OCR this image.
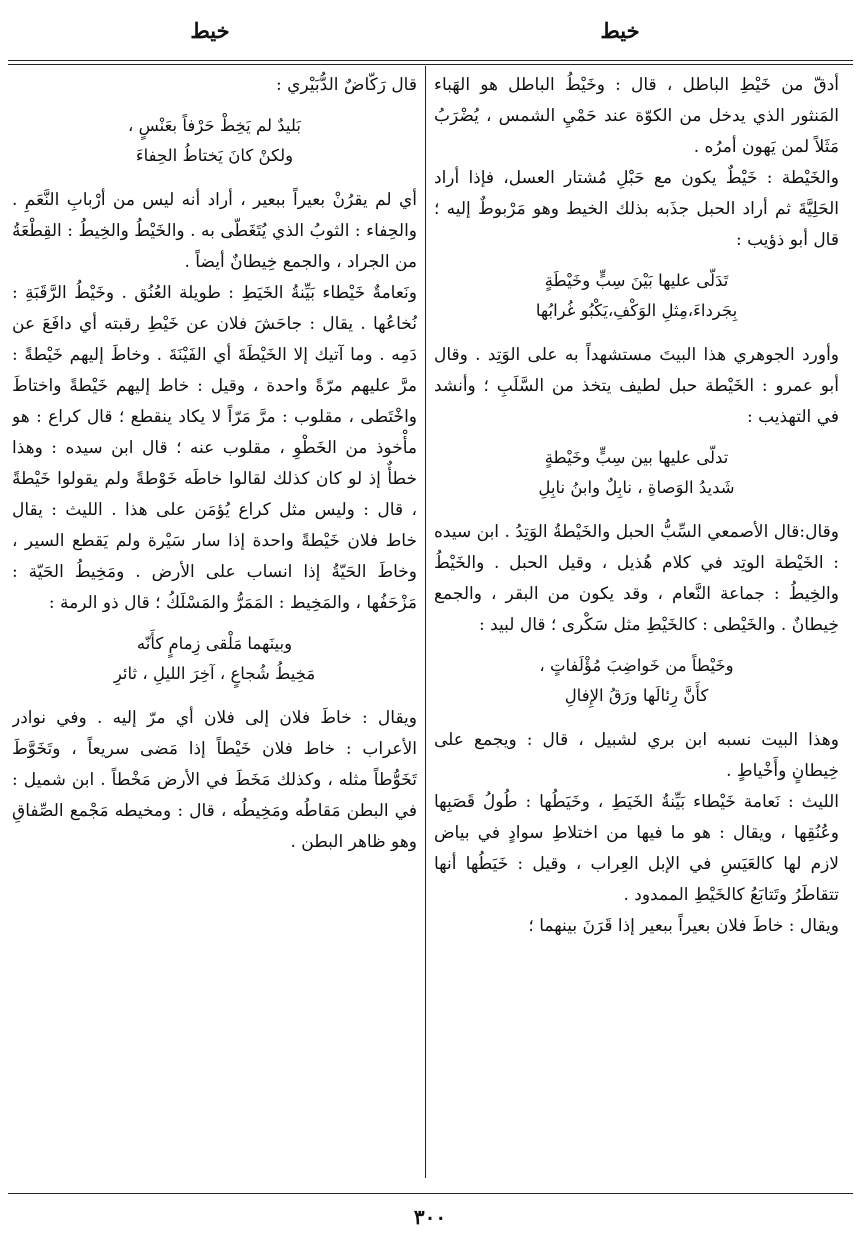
خيط
خيط

أدقّ من خَيْطِ الباطل ، قال : وخَيْطُ الباطل هو الهَباء المَنثور الذي يدخل من الكوّة عند حَمْيِ الشمس ، يُضْرَبُ مَثَلاً لمن يَهون أمرُه .

والخَيْطة : خَيْطٌ يكون مع حَبْلِ مُشتار العسل، فإذا أراد الحَلِيَّةَ ثم أراد الحبل جذَبه بذلك الخيط وهو مَرْبوطٌ إليه ؛ قال أبو ذؤيب :

تَدَلّى عليها بَيْنَ سِبٍّ وخَيْطَةٍ
بِجَرداءَ،مِثلِ الوَكْفِ،يَكْبُو غُرابُها

وأورد الجوهري هذا البيتَ مستشهداً به على الوَتِد . وقال أبو عمرو : الخَيْطة حبل لطيف يتخذ من السَّلَبِ ؛ وأنشد في التهذيب :

تدلّى عليها بين سِبٍّ وخَيْطةٍ
شَديدُ الوَصاةِ ، نابِلٌ وابنُ نابِلِ

وقال:قال الأصمعي السِّبُّ الحبل والخَيْطةُ الوَتِدُ . ابن سيده : الخَيْطة الوتِد في كلام هُذيل ، وقيل الحبل . والخَيْطُ والخِيطُ : جماعة النَّعام ، وقد يكون من البقر ، والجمع خِيطانٌ . والخَيْطى : كالخَيْطِ مثل سَكْرى ؛ قال لبيد :

وخَيْطاً من خَواضِبَ مُؤْلَفاتٍ ،
كأَنَّ رِئالَها ورَقُ الإِفالِ

وهذا البيت نسبه ابن بري لشبيل ، قال : ويجمع على خِيطانٍ وأَخْياطٍ .

الليث : نَعامة خَيْطاء بَيِّنةُ الخَيَطِ ، وخَيَطُها : طُولُ قَصَبِها وعُنُقِها ، ويقال : هو ما فيها من اختلاطِ سوادٍ في بياض لازم لها كالعَيَسِ في الإبل العِراب ، وقيل : خَيَطُها أنها تتقاطَرُ وتَتابَعُ كالخَيْطِ الممدود .

ويقال : خاطَ فلان بعيراً ببعير إذا قَرَنَ بينهما ؛

قال رَكّاضٌ الدُّبَيْري :

بَليدٌ لم يَخِطْ حَرْفاً بعَنْسٍ ،
ولكنْ كانَ يَختاطُ الحِفاءَ

أي لم يقرُنْ بعيراً ببعير ، أراد أنه ليس من أرْبابِ النَّعَمِ . والحِفاء : الثوبُ الذي يُتَغَطّى به . والخَيْطُ والخِيطُ : القِطْعَةُ من الجراد ، والجمع خِيطانٌ أيضاً .

ونَعامةٌ خَيْطاء بَيِّنةُ الخَيَطِ : طويلة العُنُق . وخَيْطُ الرَّقَبَةِ : نُخاعُها . يقال : جاحَشَ فلان عن خَيْطِ رقبته أي دافَعَ عن دَمِه . وما آتيك إلا الخَيْطَةَ أي الفَيْنَةَ . وخاطَ إليهم خَيْطةً : مرَّ عليهم مرّةً واحدة ، وقيل : خاط إليهم خَيْطةً واختاطَ واخْتَطى ، مقلوب : مرَّ مَرّاً لا يكاد ينقطع ؛ قال كراع : هو مأْخوذ من الخَطْوِ ، مقلوب عنه ؛ قال ابن سيده : وهذا خطأٌ إذ لو كان كذلك لقالوا خاطَه خَوْطةً ولم يقولوا خَيْطةً ، قال : وليس مثل كراع يُؤمَن على هذا . الليث : يقال خاط فلان خَيْطةً واحدة إذا سار سَيْرة ولم يَقطع السير ، وخاطَ الحَيّةُ إذا انساب على الأرض . ومَخِيطُ الحَيّة : مَزْحَفُها ، والمَخِيط : المَمَرُّ والمَسْلَكُ ؛ قال ذو الرمة :

وبينَهما مَلْقى زِمامٍ كأَنّه
مَخِيطُ شُجاعٍ ، آخِرَ الليلِ ، ثائرِ

ويقال : خاطَ فلان إلى فلان أي مرّ إليه . وفي نوادر الأعراب : خاط فلان خَيْطاً إذا مَضى سريعاً ، وتَخَوَّطَ تَخَوُّطاً مثله ، وكذلك مَخَطَ في الأرض مَخْطاً . ابن شميل : في البطن مَقاطُه ومَخِيطُه ، قال : ومخيطه مَجْمع الصِّفاقِ وهو ظاهر البطن .

٣٠٠
